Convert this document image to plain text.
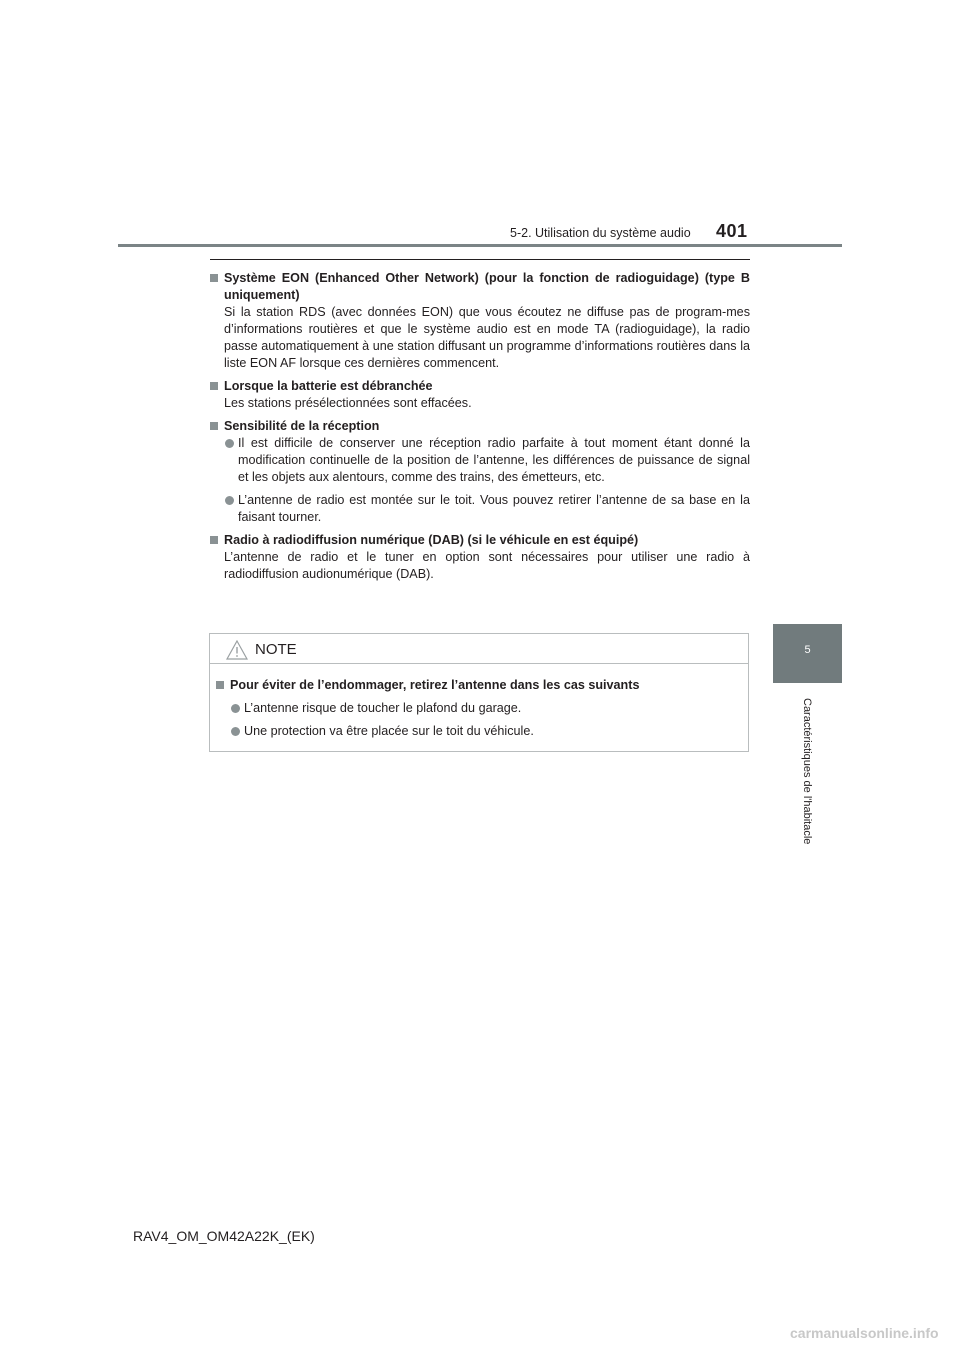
401
5-2. Utilisation du système audio
5
Caractéristiques de l'habitacle
Système EON (Enhanced Other Network) (pour la fonction de radioguidage) (type B uniquement)
Si la station RDS (avec données EON) que vous écoutez ne diffuse pas de program-mes d’informations routières et que le système audio est en mode TA (radioguidage), la radio passe automatiquement à une station diffusant un programme d’informations routières dans la liste EON AF lorsque ces dernières commencent.
Lorsque la batterie est débranchée
Les stations présélectionnées sont effacées.
Sensibilité de la réception
Il est difficile de conserver une réception radio parfaite à tout moment étant donné la modification continuelle de la position de l’antenne, les différences de puissance de signal et les objets aux alentours, comme des trains, des émetteurs, etc.
L’antenne de radio est montée sur le toit. Vous pouvez retirer l’antenne de sa base en la faisant tourner.
Radio à radiodiffusion numérique (DAB) (si le véhicule en est équipé)
L’antenne de radio et le tuner en option sont nécessaires pour utiliser une radio à radiodiffusion audionumérique (DAB).
NOTE
Pour éviter de l’endommager, retirez l’antenne dans les cas suivants
L’antenne risque de toucher le plafond du garage.
Une protection va être placée sur le toit du véhicule.
RAV4_OM_OM42A22K_(EK)
carmanualsonline.info
